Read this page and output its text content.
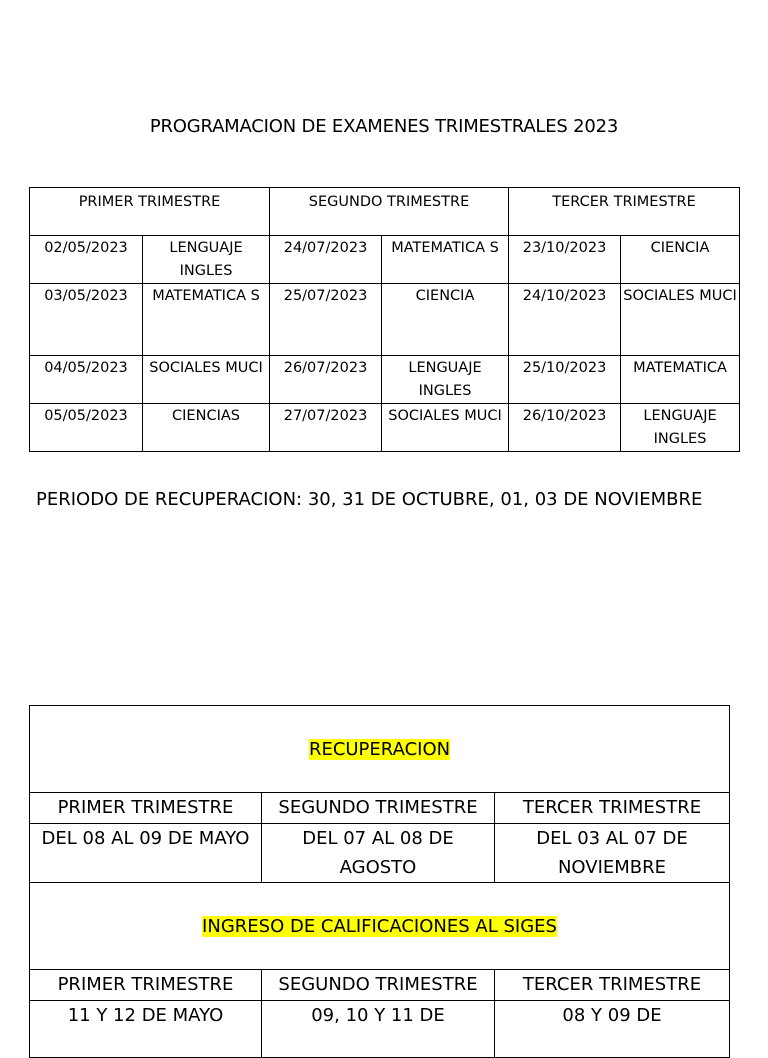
PROGRAMACION DE EXAMENES TRIMESTRALES 2023
PRIMER TRIMESTRE		SEGUNDO TRIMESTRE		TERCER TRIMESTRE	
02/05/2023	LENGUAJE INGLES	24/07/2023	MATEMATICA S	23/10/2023	CIENCIA
03/05/2023	MATEMATICA S	25/07/2023	CIENCIA	24/10/2023	SOCIALES MUCI
04/05/2023	SOCIALES MUCI	26/07/2023	LENGUAJE INGLES	25/10/2023	MATEMATICA
05/05/2023	CIENCIAS	27/07/2023	SOCIALES MUCI	26/10/2023	LENGUAJE INGLES
PERIODO DE RECUPERACION: 30, 31 DE OCTUBRE, 01, 03 DE NOVIEMBRE
RECUPERACION		
PRIMER TRIMESTRE	SEGUNDO TRIMESTRE	TERCER TRIMESTRE
DEL 08 AL 09 DE MAYO	DEL 07 AL 08 DE AGOSTO	DEL 03 AL 07 DE NOVIEMBRE
INGRESO DE CALIFICACIONES AL SIGES		
PRIMER TRIMESTRE	SEGUNDO TRIMESTRE	TERCER TRIMESTRE
11 Y 12 DE MAYO	09, 10 Y 11 DE	08 Y 09 DE
